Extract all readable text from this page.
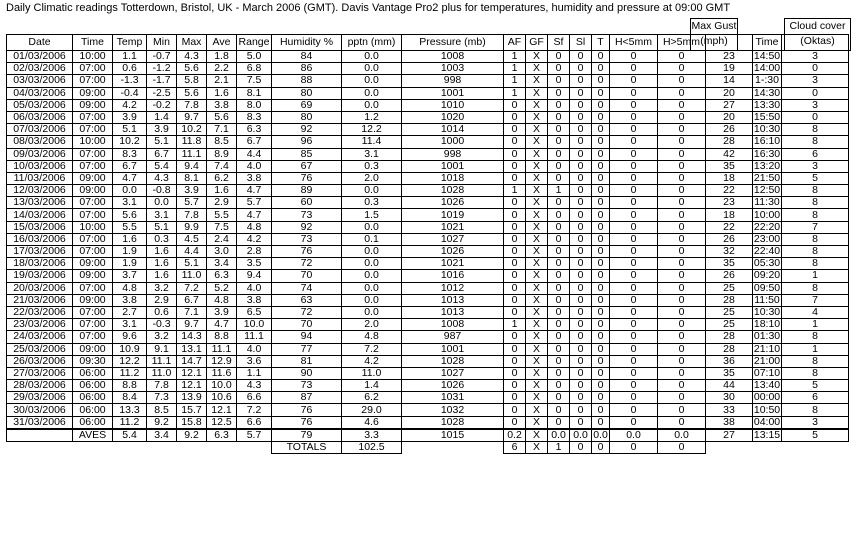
Daily Climatic readings Totterdown, Bristol, UK - March 2006 (GMT). Davis Vantage Pro2 plus for temperatures, humidity and pressure at 09:00 GMT
Max Gust
(mph)
Cloud cover
(Oktas)
Date	Time	Temp	Min	Max	Ave	Range	Humidity %	pptn (mm)	Pressure (mb)	AF	GF	Sf	Sl	T	H<5mm	H>5mm		Time	
01/03/2006	10:00	1.1	-0.7	4.3	1.8	5.0	84	0.0	1008	1	X	0	0	0	0	0	23	14:50	3
02/03/2006	07:00	0.6	-1.2	5.6	2.2	6.8	86	0.0	1003	1	X	0	0	0	0	0	19	14:00	0
03/03/2006	07:00	-1.3	-1.7	5.8	2.1	7.5	88	0.0	998	1	X	0	0	0	0	0	14	1-:30	3
04/03/2006	09:00	-0.4	-2.5	5.6	1.6	8.1	80	0.0	1001	1	X	0	0	0	0	0	20	14:30	0
05/03/2006	09:00	4.2	-0.2	7.8	3.8	8.0	69	0.0	1010	0	X	0	0	0	0	0	27	13:30	3
06/03/2006	07:00	3.9	1.4	9.7	5.6	8.3	80	1.2	1020	0	X	0	0	0	0	0	20	15:50	0
07/03/2006	07:00	5.1	3.9	10.2	7.1	6.3	92	12.2	1014	0	X	0	0	0	0	0	26	10:30	8
08/03/2006	10:00	10.2	5.1	11.8	8.5	6.7	96	11.4	1000	0	X	0	0	0	0	0	28	16:10	8
09/03/2006	07:00	8.3	6.7	11.1	8.9	4.4	85	3.1	998	0	X	0	0	0	0	0	42	16:30	6
10/03/2006	07:00	6.7	5.4	9.4	7.4	4.0	67	0.3	1001	0	X	0	0	0	0	0	35	13:20	3
11/03/2006	09:00	4.7	4.3	8.1	6.2	3.8	76	2.0	1018	0	X	0	0	0	0	0	18	21:50	5
12/03/2006	09:00	0.0	-0.8	3.9	1.6	4.7	89	0.0	1028	1	X	1	0	0	0	0	22	12:50	8
13/03/2006	07:00	3.1	0.0	5.7	2.9	5.7	60	0.3	1026	0	X	0	0	0	0	0	23	11:30	8
14/03/2006	07:00	5.6	3.1	7.8	5.5	4.7	73	1.5	1019	0	X	0	0	0	0	0	18	10:00	8
15/03/2006	10:00	5.5	5.1	9.9	7.5	4.8	92	0.0	1021	0	X	0	0	0	0	0	22	22:20	7
16/03/2006	07:00	1.6	0.3	4.5	2.4	4.2	73	0.1	1027	0	X	0	0	0	0	0	26	23:00	8
17/03/2006	07:00	1.9	1.6	4.4	3.0	2.8	76	0.0	1026	0	X	0	0	0	0	0	32	22:40	8
18/03/2006	09:00	1.9	1.6	5.1	3.4	3.5	72	0.0	1021	0	X	0	0	0	0	0	35	05:30	8
19/03/2006	09:00	3.7	1.6	11.0	6.3	9.4	70	0.0	1016	0	X	0	0	0	0	0	26	09:20	1
20/03/2006	07:00	4.8	3.2	7.2	5.2	4.0	74	0.0	1012	0	X	0	0	0	0	0	25	09:50	8
21/03/2006	09:00	3.8	2.9	6.7	4.8	3.8	63	0.0	1013	0	X	0	0	0	0	0	28	11:50	7
22/03/2006	07:00	2.7	0.6	7.1	3.9	6.5	72	0.0	1013	0	X	0	0	0	0	0	25	10:30	4
23/03/2006	07:00	3.1	-0.3	9.7	4.7	10.0	70	2.0	1008	1	X	0	0	0	0	0	25	18:10	1
24/03/2006	07:00	9.6	3.2	14.3	8.8	11.1	94	4.8	987	0	X	0	0	0	0	0	28	01:30	8
25/03/2006	09:00	10.9	9.1	13.1	11.1	4.0	77	7.2	1001	0	X	0	0	0	0	0	28	21:10	1
26/03/2006	09:30	12.2	11.1	14.7	12.9	3.6	81	4.2	1028	0	X	0	0	0	0	0	36	21:00	8
27/03/2006	06:00	11.2	11.0	12.1	11.6	1.1	90	11.0	1027	0	X	0	0	0	0	0	35	07:10	8
28/03/2006	06:00	8.8	7.8	12.1	10.0	4.3	73	1.4	1026	0	X	0	0	0	0	0	44	13:40	5
29/03/2006	06:00	8.4	7.3	13.9	10.6	6.6	87	6.2	1031	0	X	0	0	0	0	0	30	00:00	6
30/03/2006	06:00	13.3	8.5	15.7	12.1	7.2	76	29.0	1032	0	X	0	0	0	0	0	33	10:50	8
31/03/2006	06:00	11.2	9.2	15.8	12.5	6.6	76	4.6	1028	0	X	0	0	0	0	0	38	04:00	3
	AVES	5.4	3.4	9.2	6.3	5.7	79	3.3	1015	0.2	X	0.0	0.0	0.0	0.0	0.0	27	13:15	5
							TOTALS	102.5		6	X	1	0	0	0	0			
